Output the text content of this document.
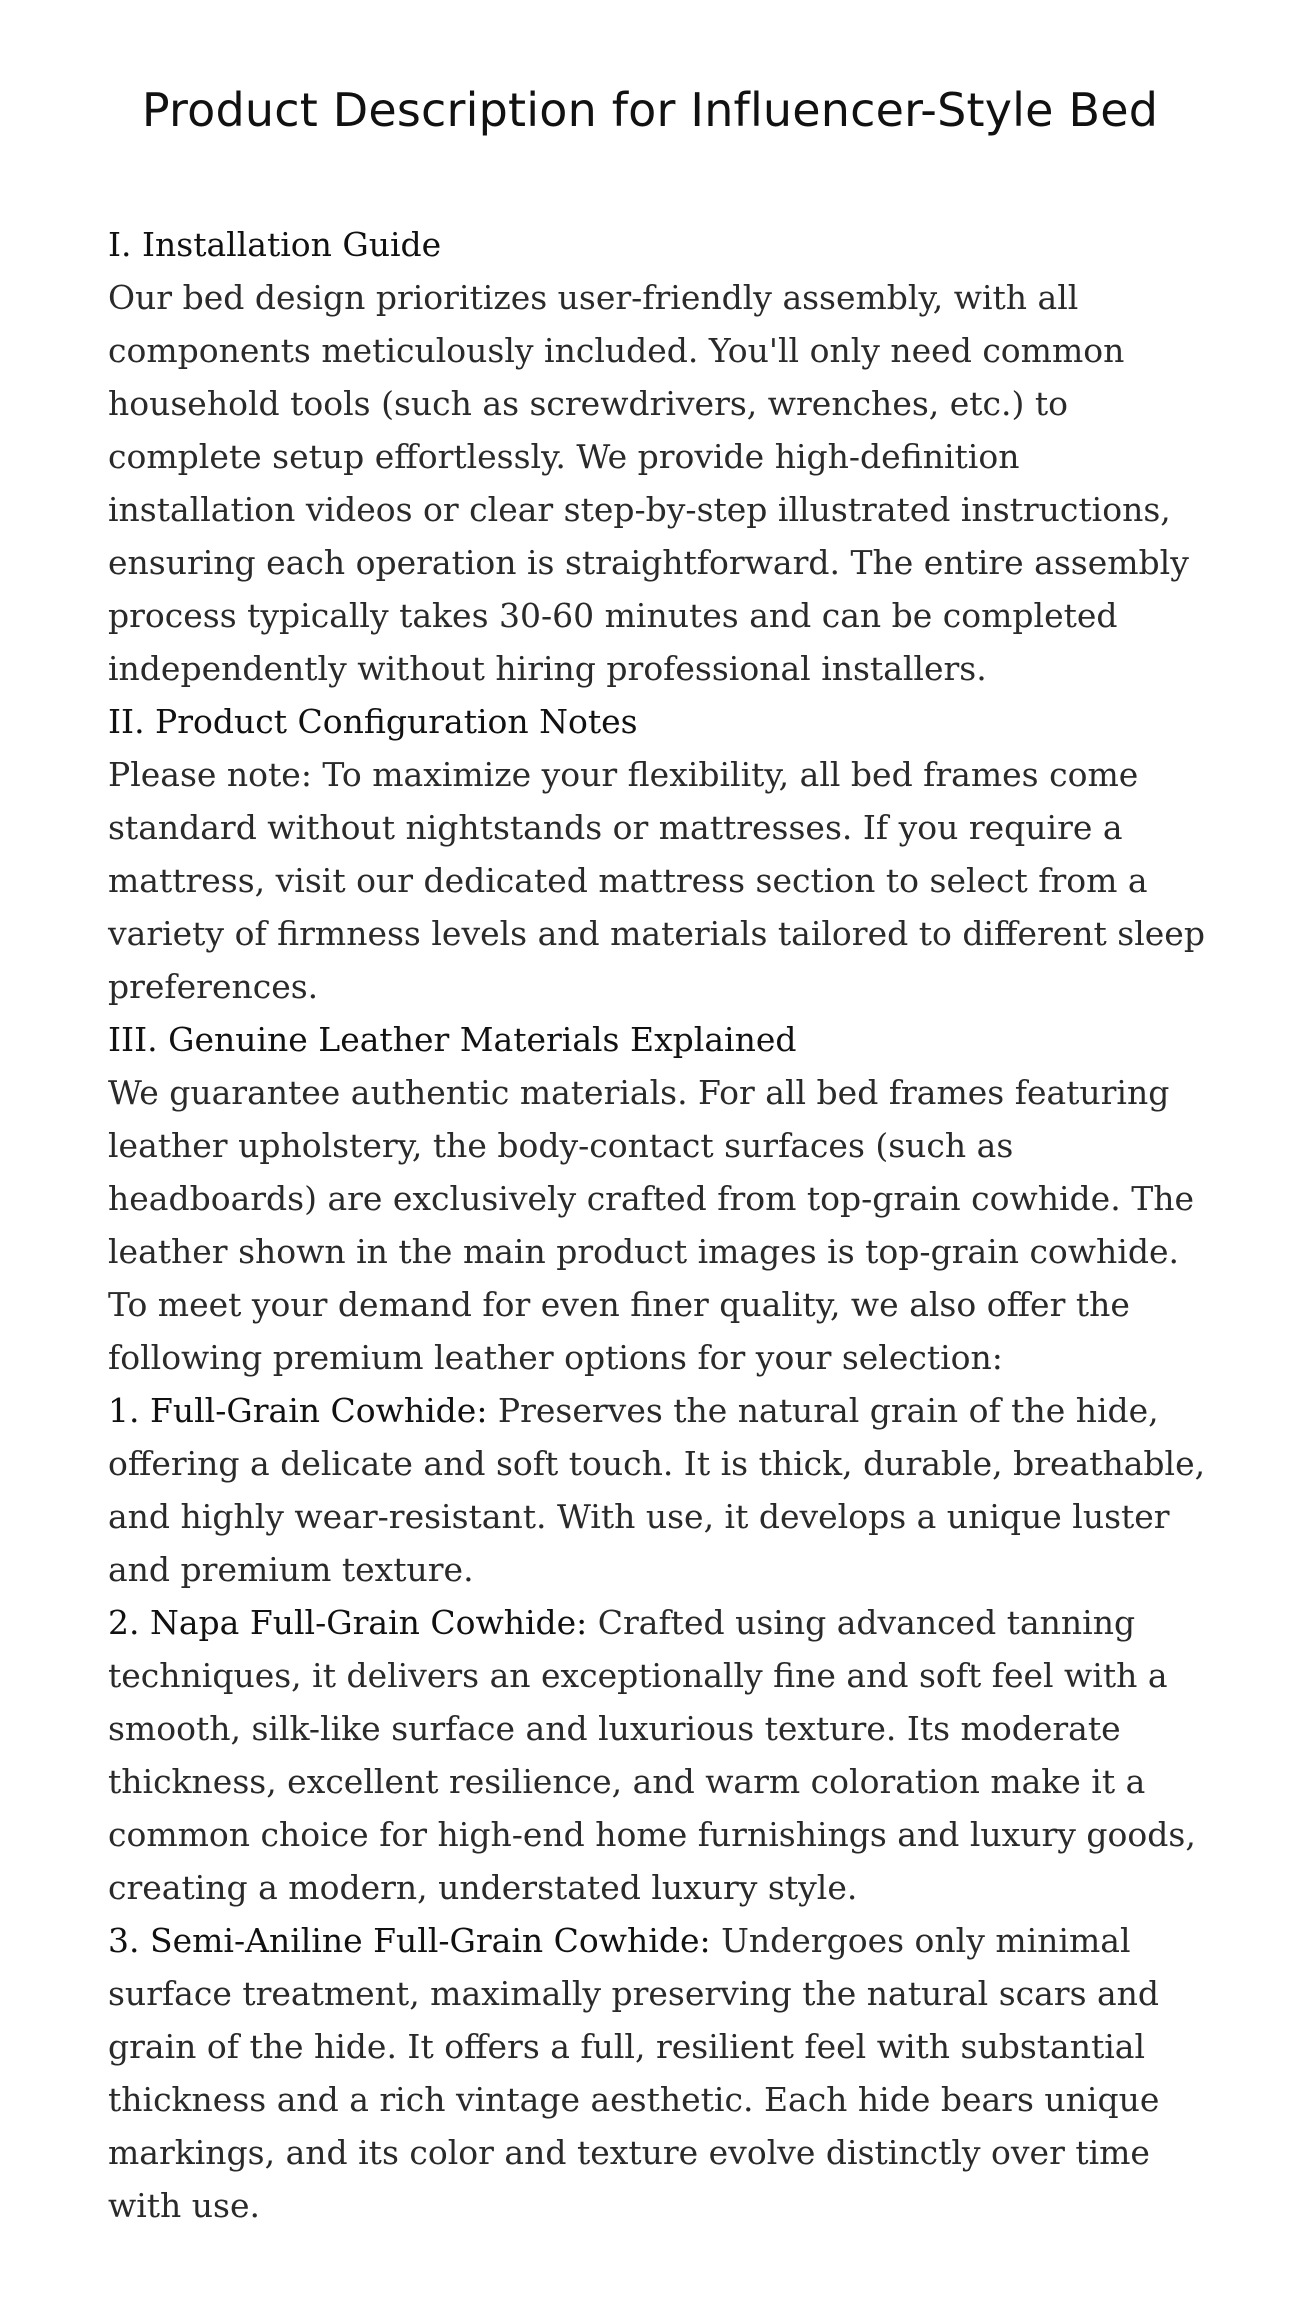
Product Description for Influencer-Style Bed

I. Installation Guide

Our bed design prioritizes user-friendly assembly, with all components meticulously included. You'll only need common household tools (such as screwdrivers, wrenches, etc.) to complete setup effortlessly. We provide high-definition installation videos or clear step-by-step illustrated instructions, ensuring each operation is straightforward. The entire assembly process typically takes 30-60 minutes and can be completed independently without hiring professional installers.

II. Product Configuration Notes

Please note: To maximize your flexibility, all bed frames come standard without nightstands or mattresses. If you require a mattress, visit our dedicated mattress section to select from a variety of firmness levels and materials tailored to different sleep preferences.

III. Genuine Leather Materials Explained

We guarantee authentic materials. For all bed frames featuring leather upholstery, the body-contact surfaces (such as headboards) are exclusively crafted from top-grain cowhide. The leather shown in the main product images is top-grain cowhide. To meet your demand for even finer quality, we also offer the following premium leather options for your selection:

1. Full-Grain Cowhide: Preserves the natural grain of the hide, offering a delicate and soft touch. It is thick, durable, breathable, and highly wear-resistant. With use, it develops a unique luster and premium texture.

2. Napa Full-Grain Cowhide: Crafted using advanced tanning techniques, it delivers an exceptionally fine and soft feel with a smooth, silk-like surface and luxurious texture. Its moderate thickness, excellent resilience, and warm coloration make it a common choice for high-end home furnishings and luxury goods, creating a modern, understated luxury style.

3. Semi-Aniline Full-Grain Cowhide: Undergoes only minimal surface treatment, maximally preserving the natural scars and grain of the hide. It offers a full, resilient feel with substantial thickness and a rich vintage aesthetic. Each hide bears unique markings, and its color and texture evolve distinctly over time with use.
